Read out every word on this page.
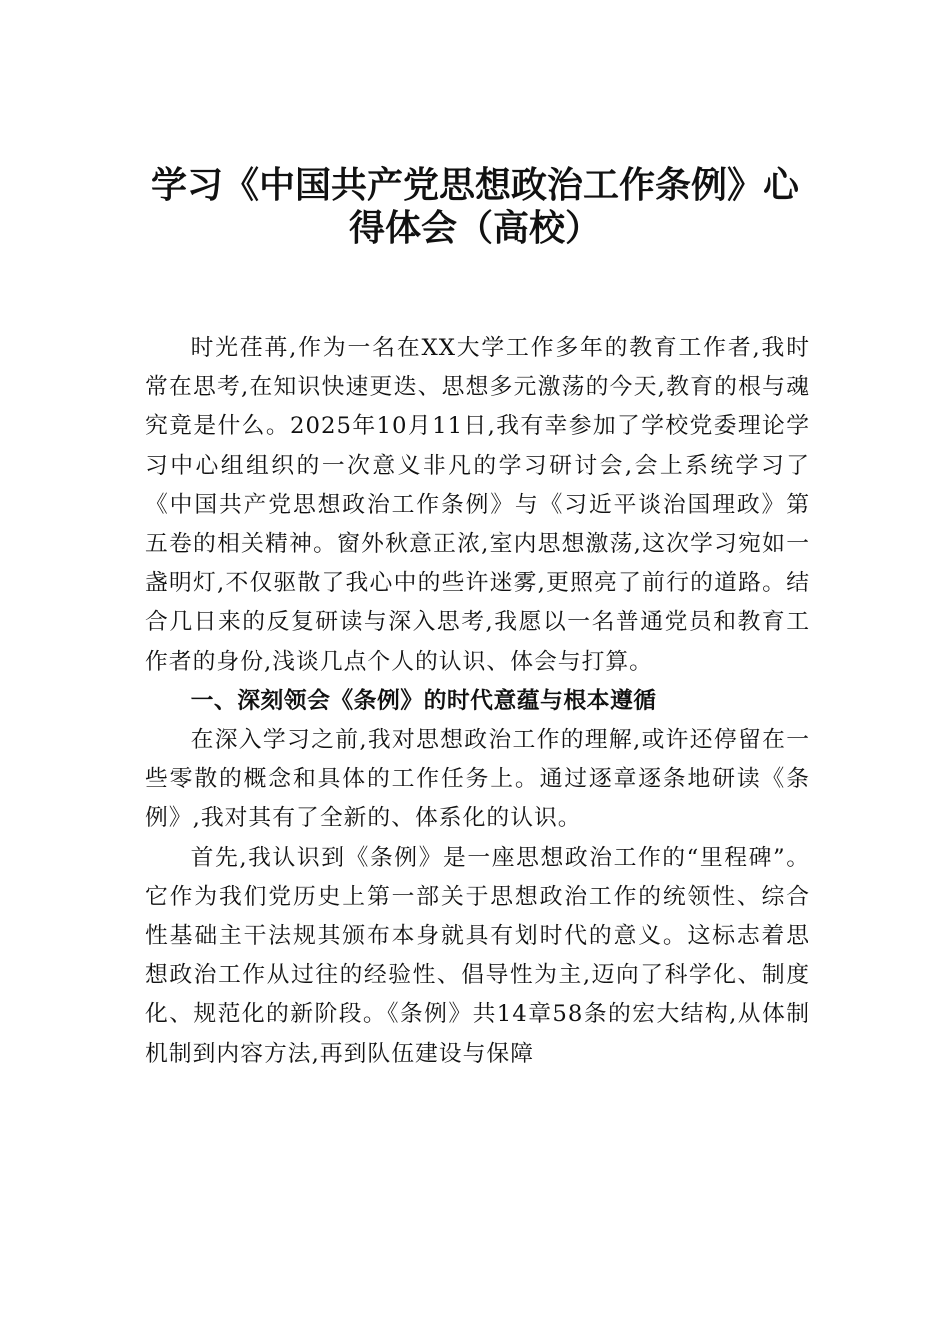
学习《中国共产党思想政治工作条例》心
得体会（高校）

时光荏苒,作为一名在XX大学工作多年的教育工作者,我时常在思考,在知识快速更迭、思想多元激荡的今天,教育的根与魂究竟是什么。2025年10月11日,我有幸参加了学校党委理论学习中心组组织的一次意义非凡的学习研讨会,会上系统学习了《中国共产党思想政治工作条例》与《习近平谈治国理政》第五卷的相关精神。窗外秋意正浓,室内思想激荡,这次学习宛如一盏明灯,不仅驱散了我心中的些许迷雾,更照亮了前行的道路。结合几日来的反复研读与深入思考,我愿以一名普通党员和教育工作者的身份,浅谈几点个人的认识、体会与打算。

一、深刻领会《条例》的时代意蕴与根本遵循

在深入学习之前,我对思想政治工作的理解,或许还停留在一些零散的概念和具体的工作任务上。通过逐章逐条地研读《条例》,我对其有了全新的、体系化的认识。

首先,我认识到《条例》是一座思想政治工作的“里程碑”。它作为我们党历史上第一部关于思想政治工作的统领性、综合性基础主干法规其颁布本身就具有划时代的意义。这标志着思想政治工作从过往的经验性、倡导性为主,迈向了科学化、制度化、规范化的新阶段。《条例》共14章58条的宏大结构,从体制机制到内容方法,再到队伍建设与保障
